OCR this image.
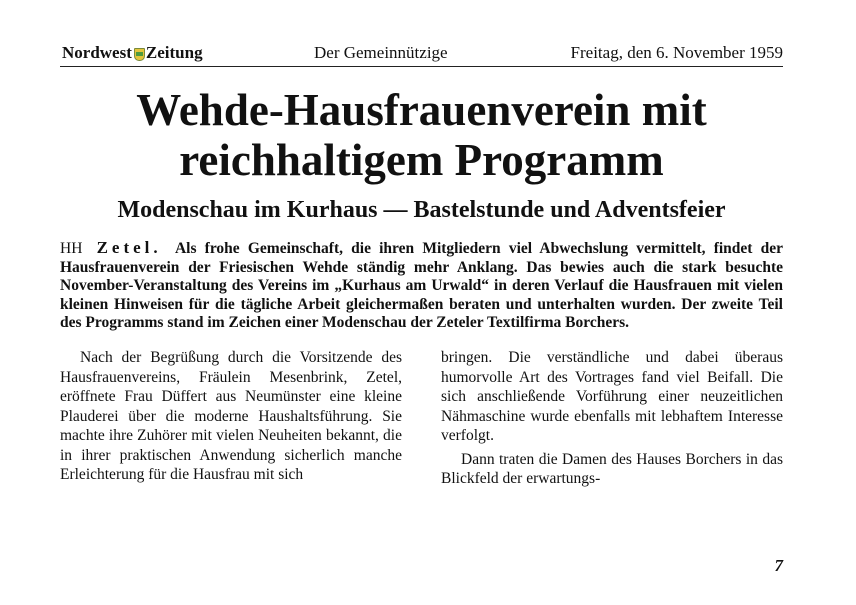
Nordwest Zeitung	Der Gemeinnützige	Freitag, den 6. November 1959
Wehde-Hausfrauenverein mit
reichhaltigem Programm
Modenschau im Kurhaus — Bastelstunde und Adventsfeier

HH Zetel. Als frohe Gemeinschaft, die ihren Mitgliedern viel Abwechslung vermittelt, findet der Hausfrauenverein der Friesischen Wehde ständig mehr Anklang. Das bewies auch die stark besuchte November-Veranstaltung des Vereins im „Kurhaus am Urwald“ in deren Verlauf die Hausfrauen mit vielen kleinen Hinweisen für die tägliche Arbeit gleichermaßen beraten und unterhalten wurden. Der zweite Teil des Programms stand im Zeichen einer Modenschau der Zeteler Textilfirma Borchers.

Nach der Begrüßung durch die Vorsitzende des Hausfrauenvereins, Fräulein Mesenbrink, Zetel, eröffnete Frau Düffert aus Neumünster eine kleine Plauderei über die moderne Haushaltsführung. Sie machte ihre Zuhörer mit vielen Neuheiten bekannt, die in ihrer praktischen Anwendung sicherlich manche Erleichterung für die Hausfrau mit sich

bringen. Die verständliche und dabei überaus humorvolle Art des Vortrages fand viel Beifall. Die sich anschließende Vorführung einer neuzeitlichen Nähmaschine wurde ebenfalls mit lebhaftem Interesse verfolgt.

Dann traten die Damen des Hauses Borchers in das Blickfeld der erwartungs-

7
